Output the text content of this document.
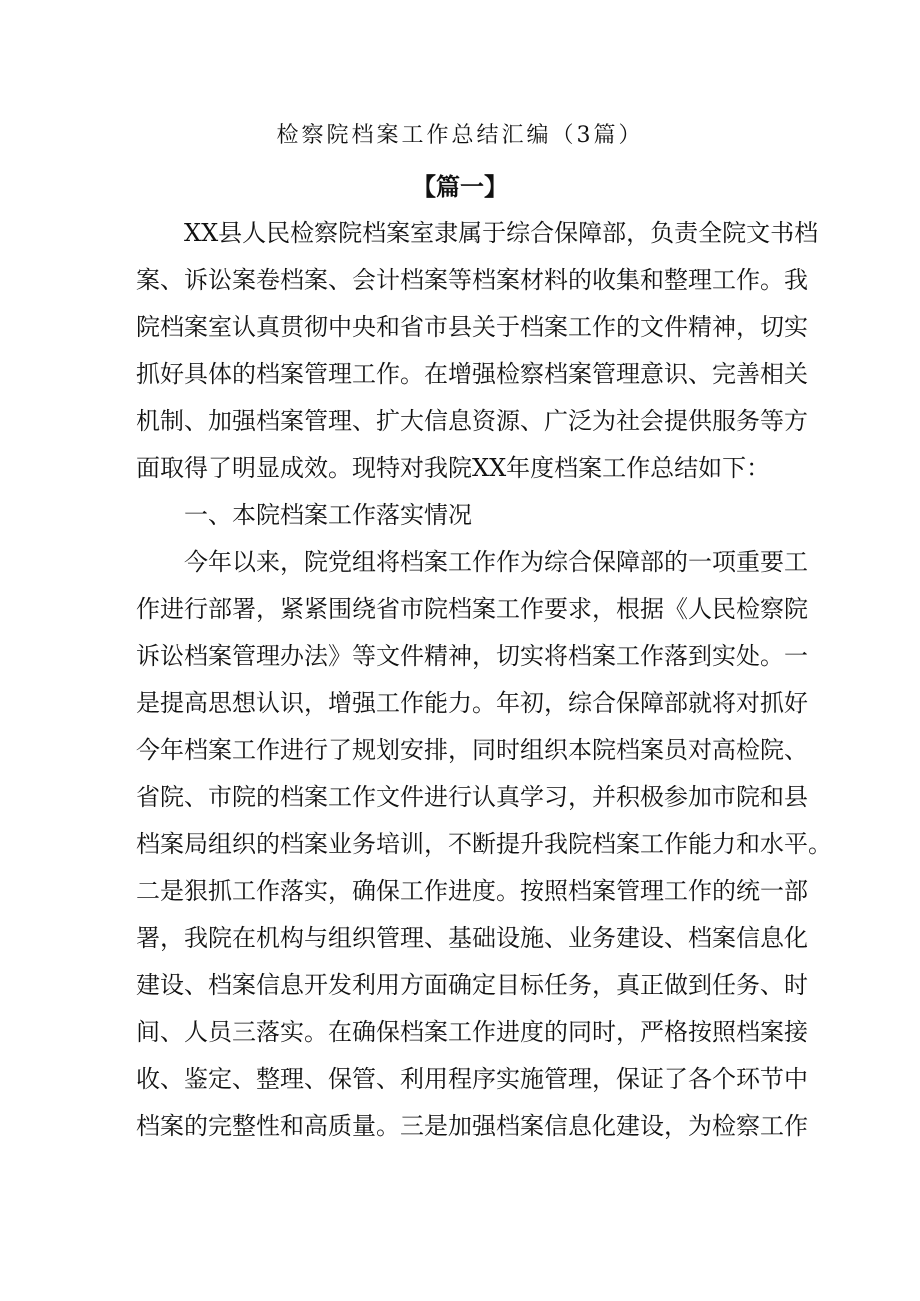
检察院档案工作总结汇编（3篇）
【篇一】
XX县人民检察院档案室隶属于综合保障部，负责全院文书档
案、诉讼案卷档案、会计档案等档案材料的收集和整理工作。我
院档案室认真贯彻中央和省市县关于档案工作的文件精神，切实
抓好具体的档案管理工作。在增强检察档案管理意识、完善相关
机制、加强档案管理、扩大信息资源、广泛为社会提供服务等方
面取得了明显成效。现特对我院XX年度档案工作总结如下：
一、本院档案工作落实情况
今年以来，院党组将档案工作作为综合保障部的一项重要工
作进行部署，紧紧围绕省市院档案工作要求，根据《人民检察院
诉讼档案管理办法》等文件精神，切实将档案工作落到实处。一
是提高思想认识，增强工作能力。年初，综合保障部就将对抓好
今年档案工作进行了规划安排，同时组织本院档案员对高检院、
省院、市院的档案工作文件进行认真学习，并积极参加市院和县
档案局组织的档案业务培训，不断提升我院档案工作能力和水平。
二是狠抓工作落实，确保工作进度。按照档案管理工作的统一部
署，我院在机构与组织管理、基础设施、业务建设、档案信息化
建设、档案信息开发利用方面确定目标任务，真正做到任务、时
间、人员三落实。在确保档案工作进度的同时，严格按照档案接
收、鉴定、整理、保管、利用程序实施管理，保证了各个环节中
档案的完整性和高质量。三是加强档案信息化建设，为检察工作
